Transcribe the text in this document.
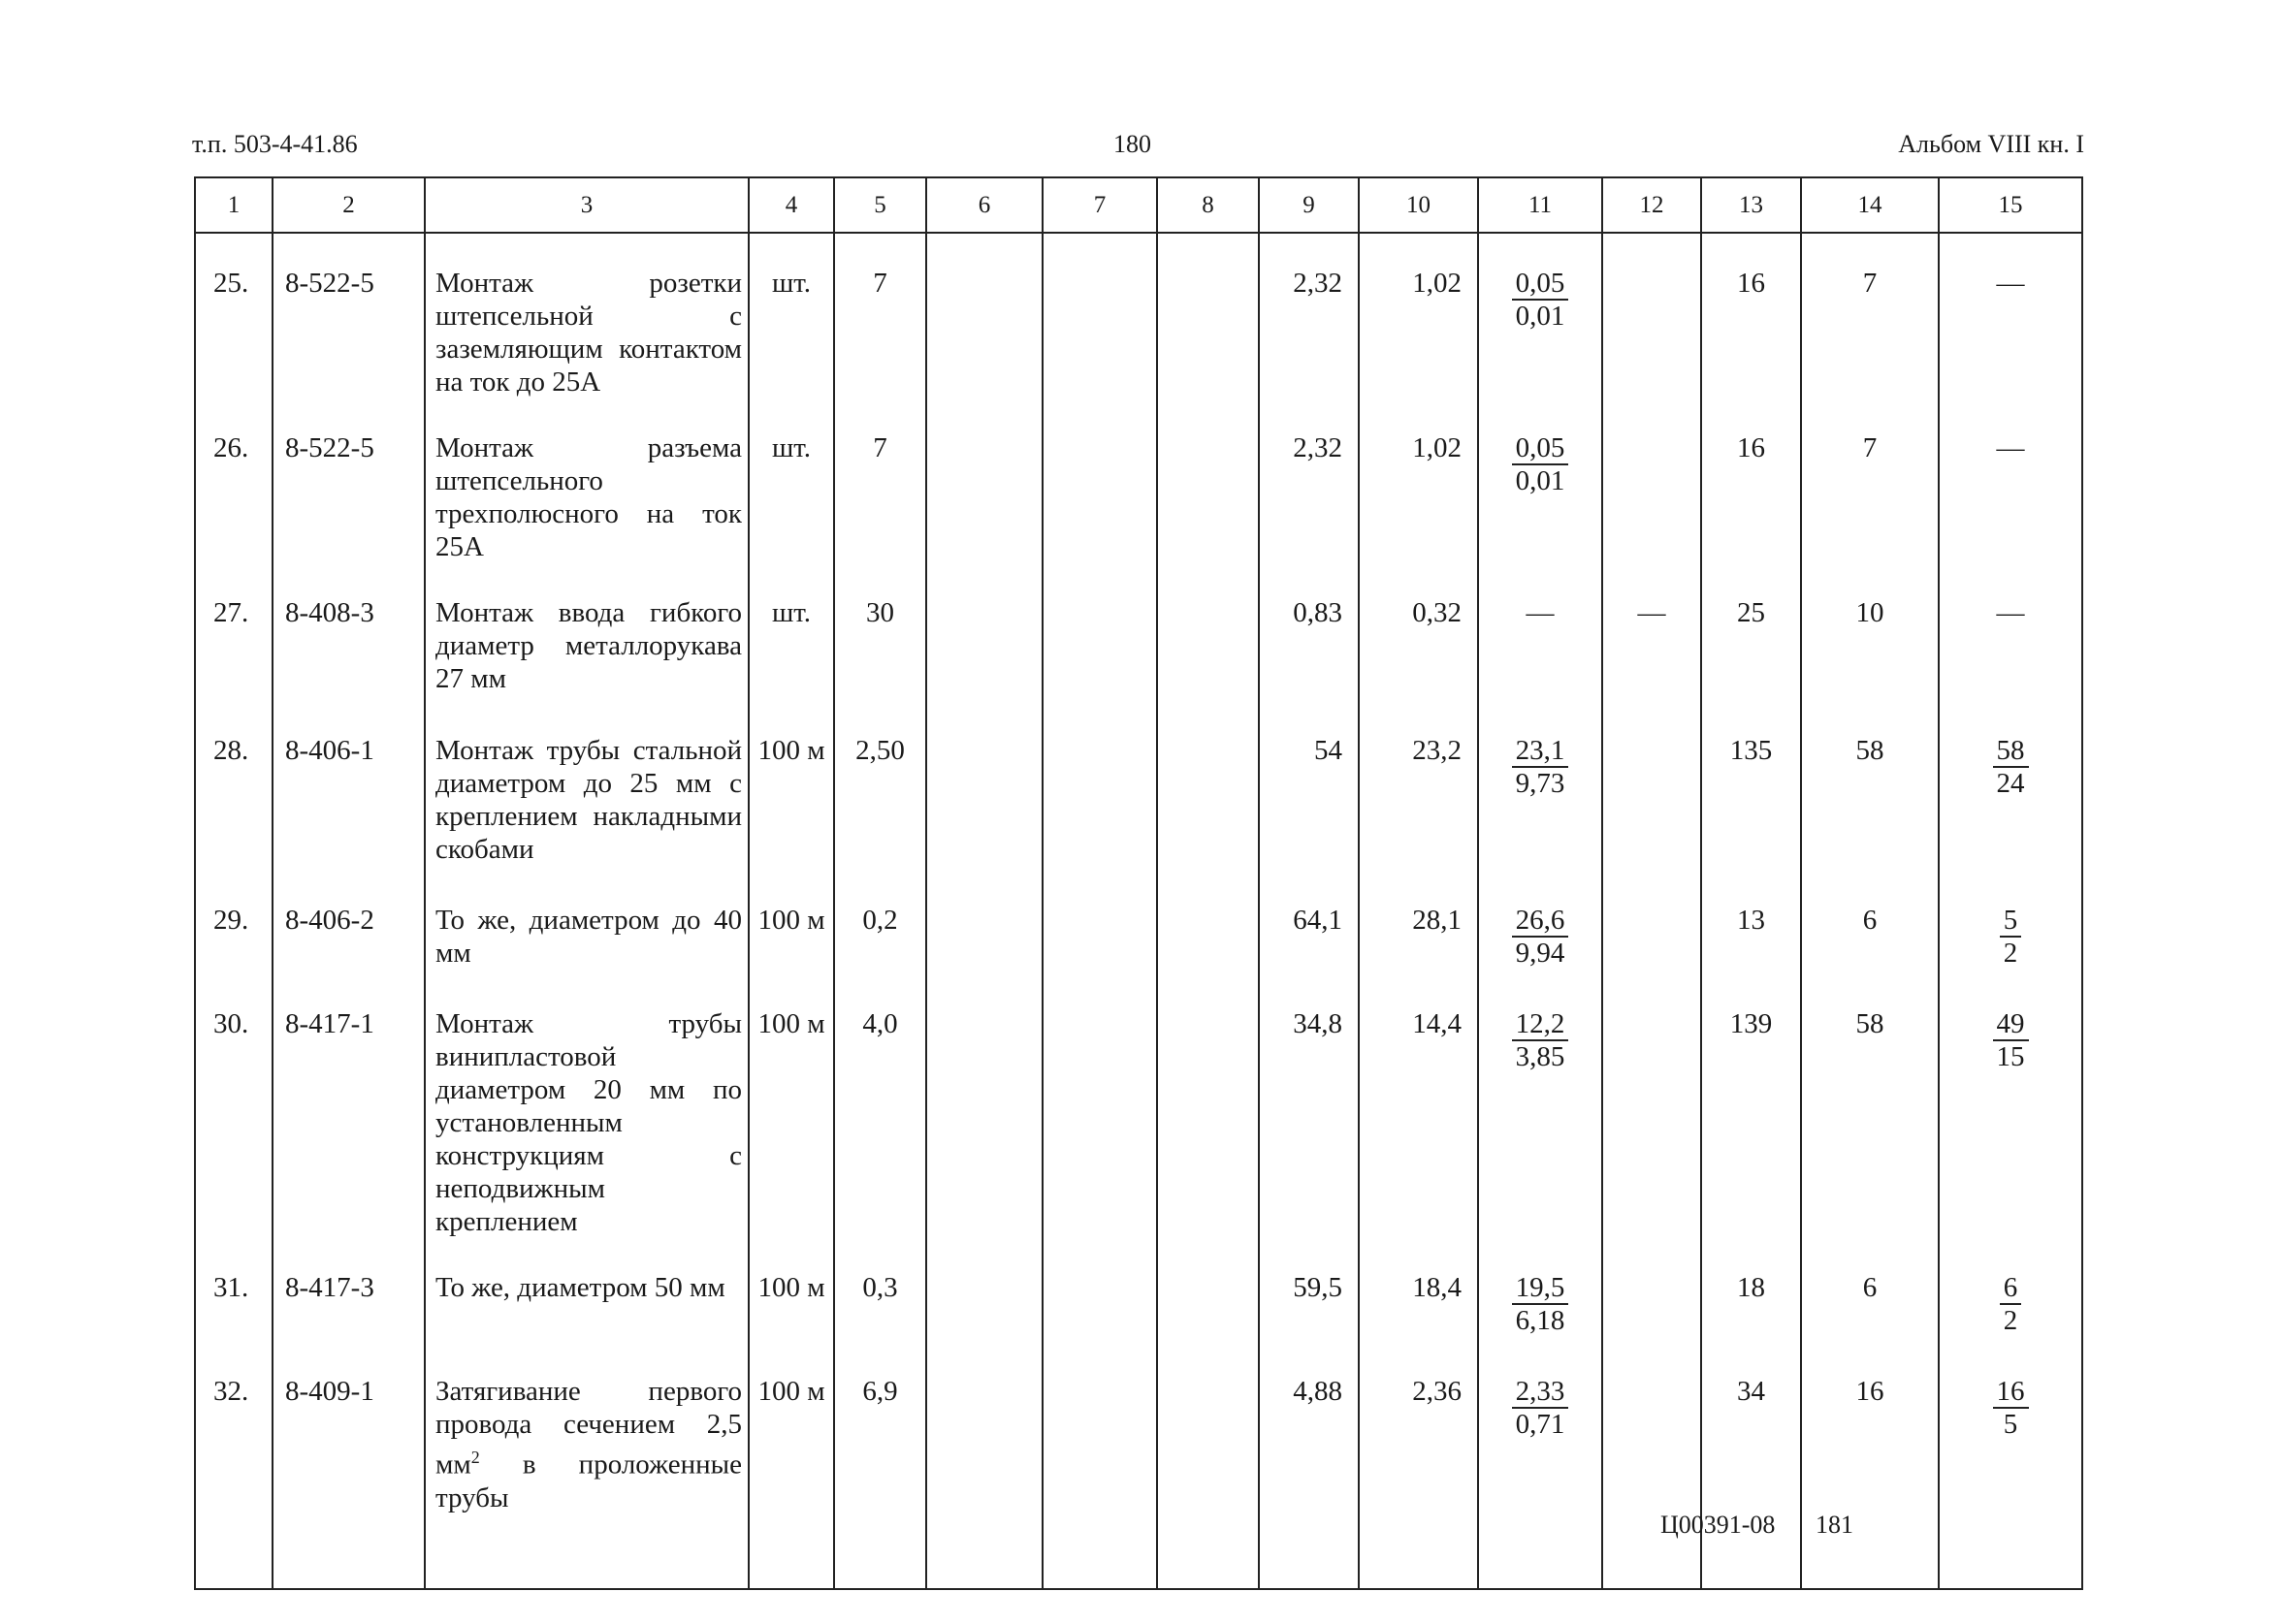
т.п. 503-4-41.86	180	Альбом VIII кн. I
1	2	3	4	5	6	7	8	9	10	11	12	13	14	15
25.	8-522-5	Монтаж розетки штепсельной с заземляющим контактом на ток до 25А	шт.	7				2,32	1,02	$\frac{0,05}{0,01}$		16	7	—
26.	8-522-5	Монтаж разъема штепсельного трехполюсного на ток 25А	шт.	7				2,32	1,02	$\frac{0,05}{0,01}$		16	7	—
27.	8-408-3	Монтаж ввода гибкого диаметр металлорукава 27 мм	шт.	30				0,83	0,32	—	—	25	10	—
28.	8-406-1	Монтаж трубы стальной диаметром до 25 мм с креплением накладными скобами	100 м	2,50				54	23,2	$\frac{23,1}{9,73}$		135	58	$\frac{58}{24}$

29.	8-406-2	То же, диаметром до 40 мм	100 м	0,2				64,1	28,1	$\frac{26,6}{9,94}$		13	6	$\frac{5}{2}$

30.	8-417-1	Монтаж трубы винипластовой диаметром 20 мм по установленным конструкциям с неподвижным креплением	100 м	4,0				34,8	14,4	$\frac{12,2}{3,85}$		139	58	$\frac{49}{15}$

31.	8-417-3	То же, диаметром 50 мм	100 м	0,3				59,5	18,4	$\frac{19,5}{6,18}$		18	6	$\frac{6}{2}$

32.	8-409-1	Затягивание первого провода сечением 2,5 $мм^2$ в проложенные трубы	100 м	6,9				4,88	2,36	$\frac{2,33}{0,71}$		34	16	$\frac{16}{5}$
Ц00391-08 181
